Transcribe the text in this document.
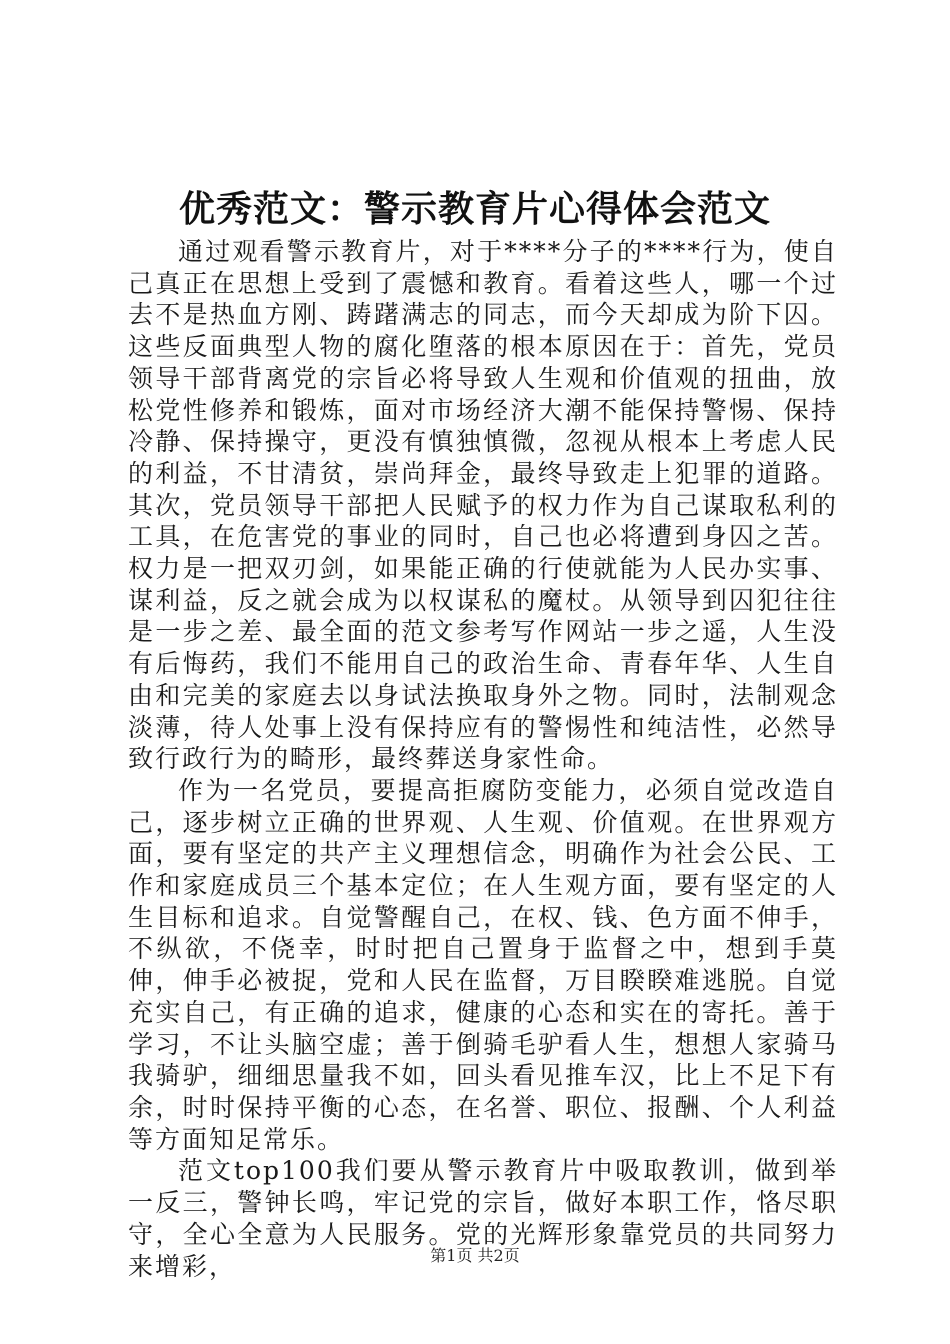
优秀范文：警示教育片心得体会范文

通过观看警示教育片，对于****分子的****行为，使自己真正在思想上受到了震憾和教育。看着这些人，哪一个过去不是热血方刚、踌躇满志的同志，而今天却成为阶下囚。这些反面典型人物的腐化堕落的根本原因在于：首先，党员领导干部背离党的宗旨必将导致人生观和价值观的扭曲，放松党性修养和锻炼，面对市场经济大潮不能保持警惕、保持冷静、保持操守，更没有慎独慎微，忽视从根本上考虑人民的利益，不甘清贫，崇尚拜金，最终导致走上犯罪的道路。其次，党员领导干部把人民赋予的权力作为自己谋取私利的工具，在危害党的事业的同时，自己也必将遭到身囚之苦。权力是一把双刃剑，如果能正确的行使就能为人民办实事、谋利益，反之就会成为以权谋私的魔杖。从领导到囚犯往往是一步之差、最全面的范文参考写作网站一步之遥，人生没有后悔药，我们不能用自己的政治生命、青春年华、人生自由和完美的家庭去以身试法换取身外之物。同时，法制观念淡薄，待人处事上没有保持应有的警惕性和纯洁性，必然导致行政行为的畸形，最终葬送身家性命。

作为一名党员，要提高拒腐防变能力，必须自觉改造自己，逐步树立正确的世界观、人生观、价值观。在世界观方面，要有坚定的共产主义理想信念，明确作为社会公民、工作和家庭成员三个基本定位；在人生观方面，要有坚定的人生目标和追求。自觉警醒自己，在权、钱、色方面不伸手，不纵欲，不侥幸，时时把自己置身于监督之中，想到手莫伸，伸手必被捉，党和人民在监督，万目睽睽难逃脱。自觉充实自己，有正确的追求，健康的心态和实在的寄托。善于学习，不让头脑空虚；善于倒骑毛驴看人生，想想人家骑马我骑驴，细细思量我不如，回头看见推车汉，比上不足下有余，时时保持平衡的心态，在名誉、职位、报酬、个人利益等方面知足常乐。

范文top100我们要从警示教育片中吸取教训，做到举一反三，警钟长鸣，牢记党的宗旨，做好本职工作，恪尽职守，全心全意为人民服务。党的光辉形象靠党员的共同努力来增彩，	第1页 共2页
